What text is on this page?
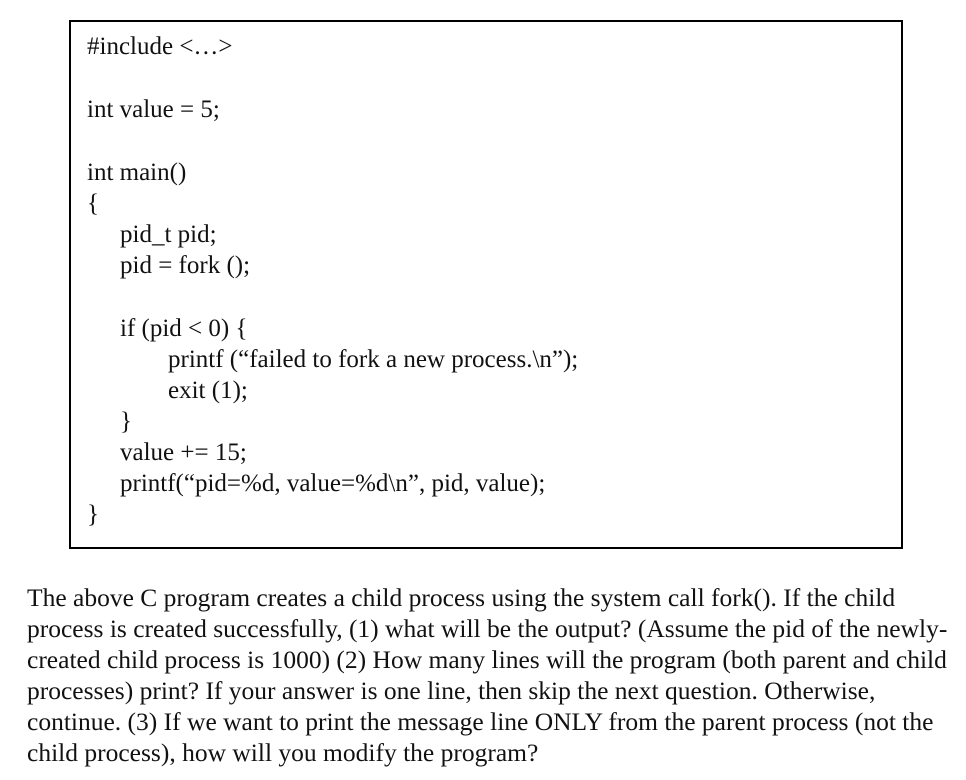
#include <…>
int value = 5;
int main()
{
pid_t pid;
pid = fork ();
if (pid < 0) {
printf (“failed to fork a new process.\n”);
exit (1);
}
value += 15;
printf(“pid=%d, value=%d\n”, pid, value);
}

The above C program creates a child process using the system call fork(). If the child process is created successfully, (1) what will be the output? (Assume the pid of the newly-created child process is 1000) (2) How many lines will the program (both parent and child processes) print? If your answer is one line, then skip the next question. Otherwise, continue. (3) If we want to print the message line ONLY from the parent process (not the child process), how will you modify the program?
